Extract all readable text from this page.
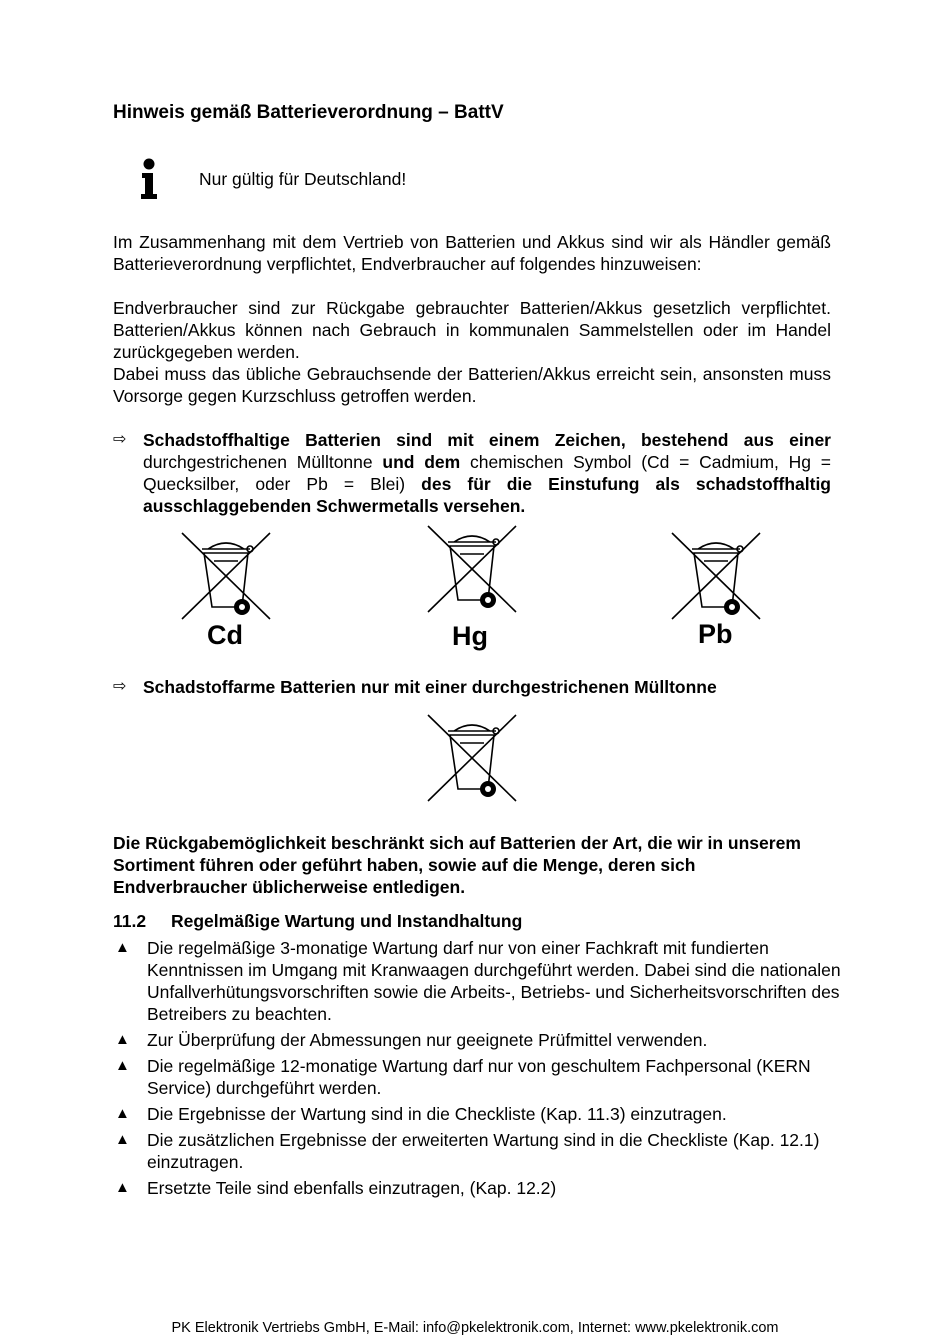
Hinweis gemäß Batterieverordnung – BattV
Nur gültig für Deutschland!

Im Zusammenhang mit dem Vertrieb von Batterien und Akkus sind wir als Händler gemäß Batterieverordnung verpflichtet, Endverbraucher auf folgendes hinzuweisen:

Endverbraucher sind zur Rückgabe gebrauchter Batterien/Akkus gesetzlich verpflichtet. Batterien/Akkus können nach Gebrauch in kommunalen Sammelstellen oder im Handel zurückgegeben werden.

Dabei muss das übliche Gebrauchsende der Batterien/Akkus erreicht sein, ansonsten muss Vorsorge gegen Kurzschluss getroffen werden.

⇨ Schadstoffhaltige Batterien sind mit einem Zeichen, bestehend aus einer durchgestrichenen Mülltonne und dem chemischen Symbol (Cd = Cadmium, Hg = Quecksilber, oder Pb = Blei) des für die Einstufung als schadstoffhaltig ausschlaggebenden Schwermetalls versehen.
Cd	Hg	Pb
⇨ Schadstoffarme Batterien nur mit einer durchgestrichenen Mülltonne
Die Rückgabemöglichkeit beschränkt sich auf Batterien der Art, die wir in unserem Sortiment führen oder geführt haben, sowie auf die Menge, deren sich Endverbraucher üblicherweise entledigen.
11.2 Regelmäßige Wartung und Instandhaltung
▲ Die regelmäßige 3-monatige Wartung darf nur von einer Fachkraft mit fundierten Kenntnissen im Umgang mit Kranwaagen durchgeführt werden. Dabei sind die nationalen Unfallverhütungsvorschriften sowie die Arbeits-, Betriebs- und Sicherheitsvorschriften des Betreibers zu beachten.
▲ Zur Überprüfung der Abmessungen nur geeignete Prüfmittel verwenden.
▲ Die regelmäßige 12-monatige Wartung darf nur von geschultem Fachpersonal (KERN Service) durchgeführt werden.
▲ Die Ergebnisse der Wartung sind in die Checkliste (Kap. 11.3) einzutragen.
▲ Die zusätzlichen Ergebnisse der erweiterten Wartung sind in die Checkliste (Kap. 12.1) einzutragen.
▲ Ersetzte Teile sind ebenfalls einzutragen, (Kap. 12.2)
PK Elektronik Vertriebs GmbH, E-Mail: info@pkelektronik.com, Internet: www.pkelektronik.com
